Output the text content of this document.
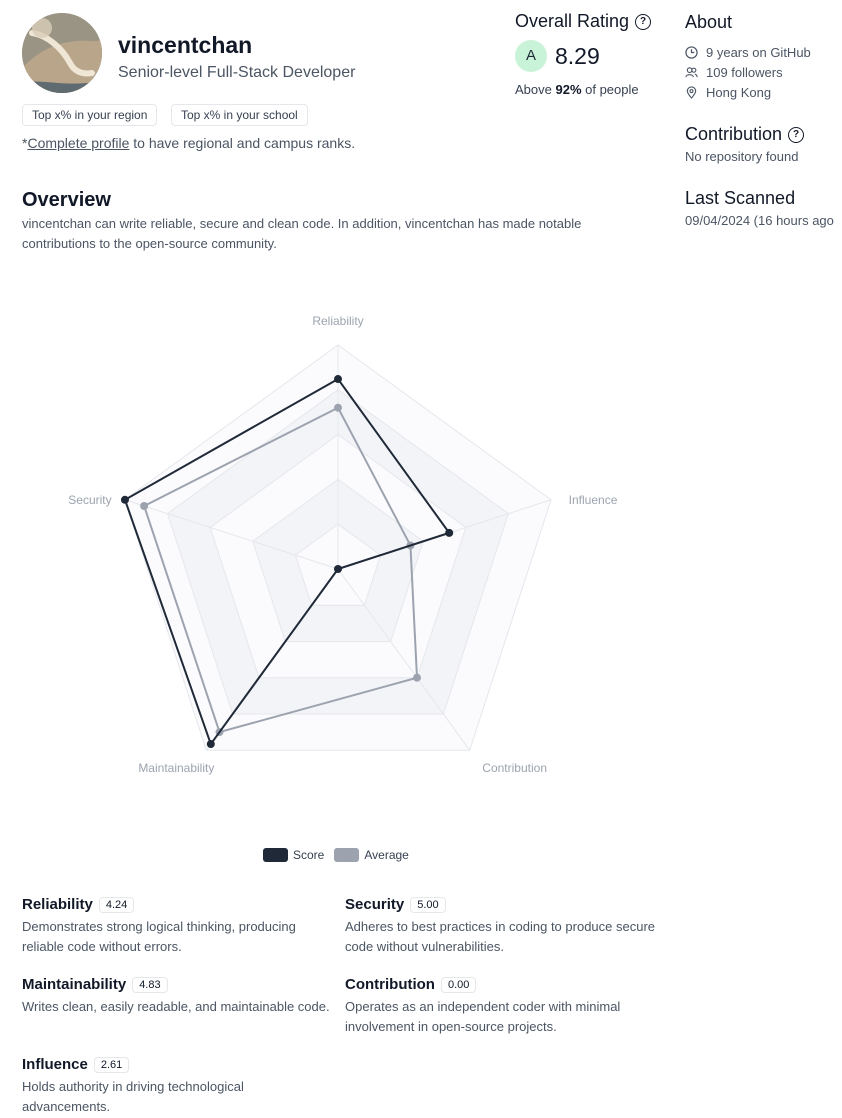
vincentchan
Senior-level Full-Stack Developer
Top x% in your region	Top x% in your school
*Complete profile to have regional and campus ranks.
Overall Rating	?
A 8.29
Above 92% of people
About
9 years on GitHub
109 followers
Hong Kong
Contribution	?
No repository found
Last Scanned
09/04/2024 (16 hours ago
Overview
vincentchan can write reliable, secure and clean code. In addition, vincentchan has made notable contributions to the open-source community.
Reliability
Influence
Contribution
Maintainability
Security
Score	Average
Reliability	4.24
Demonstrates strong logical thinking, producing reliable code without errors.
Security	5.00
Adheres to best practices in coding to produce secure code without vulnerabilities.
Maintainability	4.83
Writes clean, easily readable, and maintainable code.
Contribution	0.00
Operates as an independent coder with minimal involvement in open-source projects.
Influence	2.61
Holds authority in driving technological advancements.
